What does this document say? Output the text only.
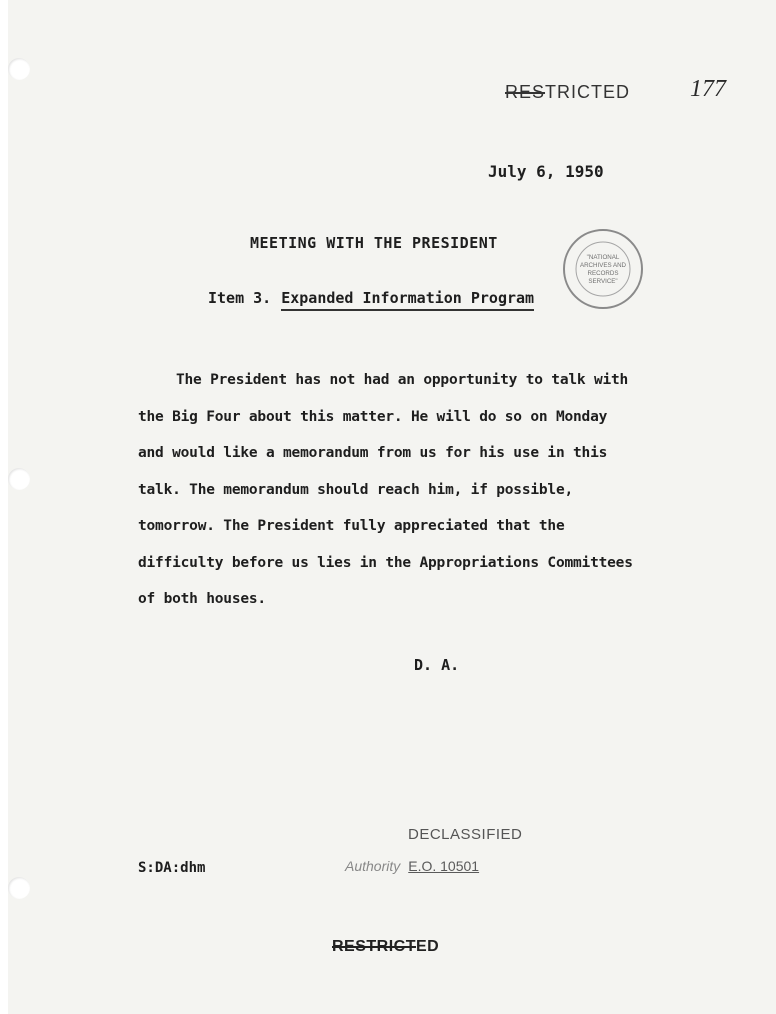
RESTRICTED 177
July 6, 1950
MEETING WITH THE PRESIDENT
Item 3. Expanded Information Program
"NATIONAL
ARCHIVES AND
RECORDS
SERVICE"
The President has not had an opportunity to talk with
the Big Four about this matter. He will do so on Monday
and would like a memorandum from us for his use in this
talk. The memorandum should reach him, if possible,
tomorrow. The President fully appreciated that the
difficulty before us lies in the Appropriations Committees
of both houses.
D. A.
DECLASSIFIED
Authority E.O. 10501
S:DA:dhm
RESTRICTED
